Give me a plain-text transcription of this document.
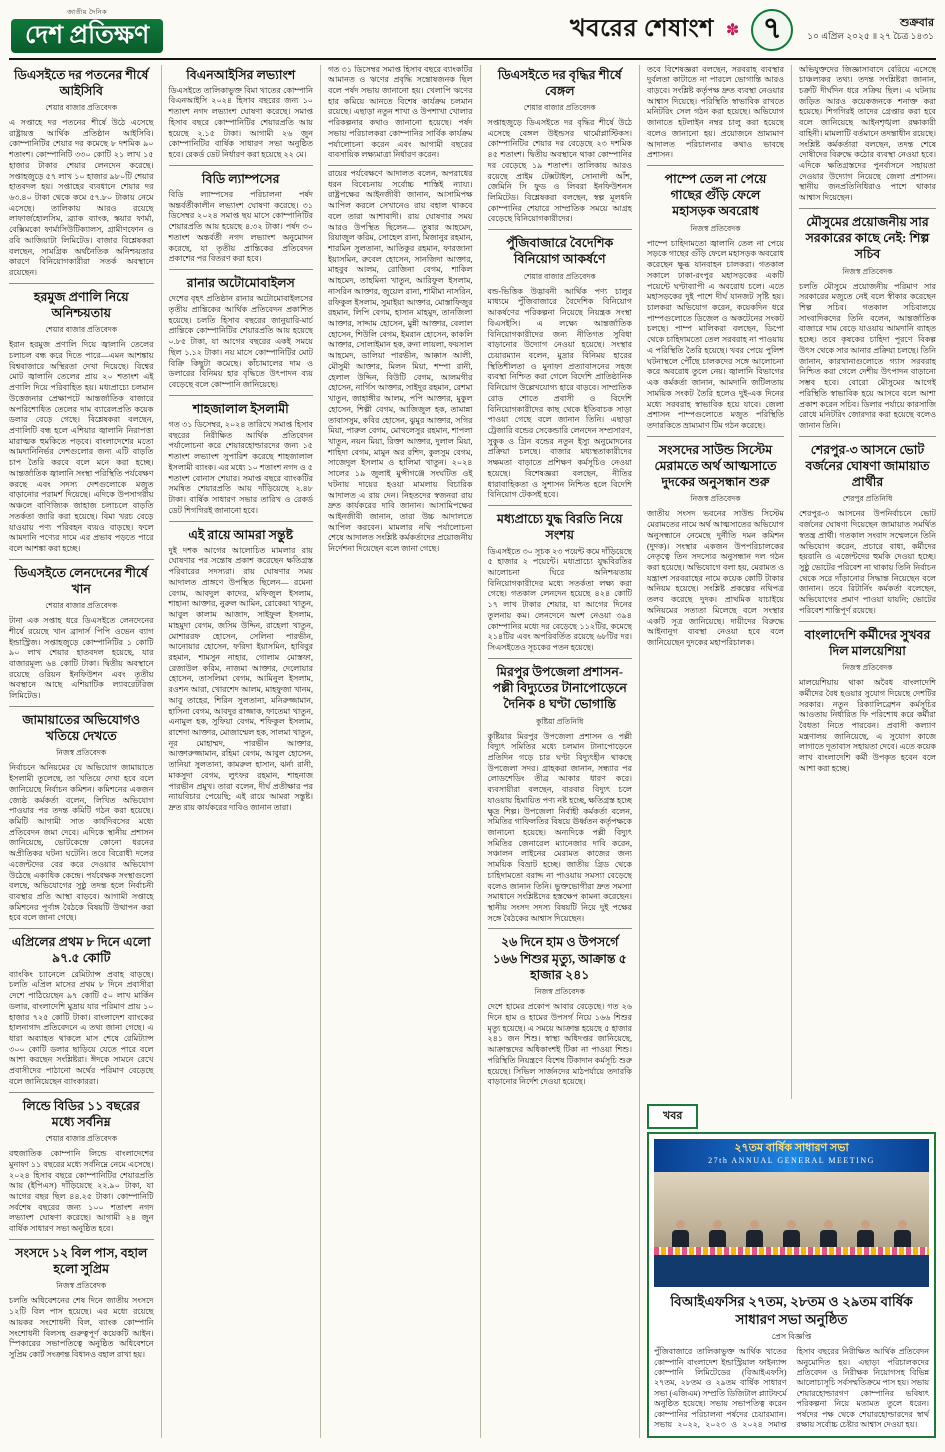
জাতীয় দৈনিক
দেশ প্রতিক্ষণ	খবরের শেষাংশ ✽ ৭	শুক্রবার
১০ এপ্রিল ২০২৫ ॥ ২৭ চৈত্র ১৪৩১
ডিএসইতে দর পতনের শীর্ষে আইসিবি
শেয়ার বাজার প্রতিবেদক

এ সপ্তাহে দর পতনের শীর্ষে উঠে এসেছে রাষ্ট্রায়ত্ত আর্থিক প্রতিষ্ঠান আইসিবি। কোম্পানিটির শেয়ার দর কমেছে ৮ দশমিক ৯০ শতাংশ। কোম্পানিটি ৩৩০ কোটি ২১ লাখ ১৫ হাজার টাকার শেয়ার লেনদেন করেছে। সপ্তাহজুড়ে ৫৭ লাখ ১০ হাজার ৯৮০টি শেয়ার হাতবদল হয়। সপ্তাহের ব্যবধানে শেয়ার দর ৬৩.৪০ টাকা থেকে কমে ৫৭.৮০ টাকায় নেমে এসেছে। তালিকায় আরও রয়েছে লাফার্জহোলসিম, ব্র্যাক ব্যাংক, স্কয়ার ফার্মা, বেক্সিমকো ফার্মাসিউটিক্যালস, গ্রামীণফোন ও রবি আজিয়াটা লিমিটেড। বাজার বিশ্লেষকরা বলছেন, সামগ্রিক অর্থনৈতিক অনিশ্চয়তার কারণে বিনিয়োগকারীরা সতর্ক অবস্থানে রয়েছেন।

হরমুজ প্রণালি নিয়ে অনিশ্চয়তায়
শেয়ার বাজার প্রতিবেদক

ইরান হরমুজ প্রণালি দিয়ে জ্বালানি তেলের চলাচল বন্ধ করে দিতে পারে—এমন আশঙ্কায় বিশ্ববাজারে অস্থিরতা দেখা দিয়েছে। বিশ্বের মোট জ্বালানি তেলের প্রায় ২০ শতাংশ এই প্রণালি দিয়ে পরিবাহিত হয়। মধ্যপ্রাচ্যে চলমান উত্তেজনার প্রেক্ষাপটে আন্তর্জাতিক বাজারে অপরিশোধিত তেলের দাম ব্যারেলপ্রতি কয়েক ডলার বেড়ে গেছে। বিশ্লেষকরা বলছেন, প্রণালিটি বন্ধ হলে এশিয়ার জ্বালানি নিরাপত্তা মারাত্মক হুমকিতে পড়বে। বাংলাদেশের মতো আমদানিনির্ভর দেশগুলোর জন্য এটি বাড়তি চাপ তৈরি করবে বলে মনে করা হচ্ছে। আন্তর্জাতিক জ্বালানি সংস্থা পরিস্থিতি পর্যবেক্ষণ করছে এবং সদস্য দেশগুলোকে মজুত বাড়ানোর পরামর্শ দিয়েছে। এদিকে উপসাগরীয় অঞ্চলে বাণিজ্যিক জাহাজ চলাচলে বাড়তি সতর্কতা জারি করা হয়েছে। বিমা খরচ বেড়ে যাওয়ায় পণ্য পরিবহন ব্যয়ও বাড়ছে। ফলে আমদানি পণ্যের দামে এর প্রভাব পড়তে পারে বলে আশঙ্কা করা হচ্ছে।

ডিএসইতে লেনদেনের শীর্ষে খান
শেয়ার বাজার প্রতিবেদক

টানা এক সপ্তাহ ধরে ডিএসইতে লেনদেনের শীর্ষে রয়েছে খান ব্রাদার্স পিপি ওভেন ব্যাগ ইন্ডাস্ট্রিজ। সপ্তাহজুড়ে কোম্পানিটির ১ কোটি ৯০ লাখ শেয়ার হাতবদল হয়েছে, যার বাজারমূল্য ৬৪ কোটি টাকা। দ্বিতীয় অবস্থানে রয়েছে ওরিয়ন ইনফিউশন এবং তৃতীয় অবস্থানে আছে এশিয়াটিক ল্যাবরেটরিজ লিমিটেড।

জামায়াতের অভিযোগও খতিয়ে দেখতে
নিজস্ব প্রতিবেদক

নির্বাচনে অনিয়মের যে অভিযোগ জামায়াতে ইসলামী তুলেছে, তা খতিয়ে দেখা হবে বলে জানিয়েছে নির্বাচন কমিশন। কমিশনের একজন জ্যেষ্ঠ কর্মকর্তা বলেন, লিখিত অভিযোগ পাওয়ার পর তদন্ত কমিটি গঠন করা হয়েছে। কমিটি আগামী সাত কার্যদিবসের মধ্যে প্রতিবেদন জমা দেবে। এদিকে স্থানীয় প্রশাসন জানিয়েছে, ভোটকেন্দ্রে কোনো ধরনের অপ্রীতিকর ঘটনা ঘটেনি। তবে বিরোধী দলের এজেন্টদের বের করে দেওয়ার অভিযোগ উঠেছে একাধিক কেন্দ্রে। পর্যবেক্ষক সংস্থাগুলো বলছে, অভিযোগের সুষ্ঠু তদন্ত হলে নির্বাচনী ব্যবস্থার প্রতি আস্থা বাড়বে। আগামী সপ্তাহে কমিশনের পূর্ণাঙ্গ বৈঠকে বিষয়টি উত্থাপন করা হবে বলে জানা গেছে।

এপ্রিলের প্রথম ৮ দিনে এলো ৯৭.৫ কোটি

ব্যাংকিং চ্যানেলে রেমিট্যান্স প্রবাহ বাড়ছে। চলতি এপ্রিল মাসের প্রথম ৮ দিনে প্রবাসীরা দেশে পাঠিয়েছেন ৯৭ কোটি ৫০ লাখ মার্কিন ডলার, বাংলাদেশি মুদ্রায় যার পরিমাণ প্রায় ১০ হাজার ৭২৫ কোটি টাকা। বাংলাদেশ ব্যাংকের হালনাগাদ প্রতিবেদনে এ তথ্য জানা গেছে। এ ধারা অব্যাহত থাকলে মাস শেষে রেমিট্যান্স ৩০০ কোটি ডলার ছাড়িয়ে যেতে পারে বলে আশা করছেন সংশ্লিষ্টরা। ঈদকে সামনে রেখে প্রবাসীদের পাঠানো অর্থের পরিমাণ বেড়েছে বলে জানিয়েছেন ব্যাংকাররা।

লিন্ডে বিডির ১১ বছরের মধ্যে সর্বনিম্ন
শেয়ার বাজার প্রতিবেদক

বহুজাতিক কোম্পানি লিন্ডে বাংলাদেশের মুনাফা ১১ বছরের মধ্যে সর্বনিম্নে নেমে এসেছে। ২০২৪ হিসাব বছরে কোম্পানিটির শেয়ারপ্রতি আয় (ইপিএস) দাঁড়িয়েছে ২২.৯০ টাকা, যা আগের বছর ছিল ৪৪.২৫ টাকা। কোম্পানিটি সর্বশেষ বছরের জন্য ১০০ শতাংশ নগদ লভ্যাংশ ঘোষণা করেছে। আগামী ২৪ জুন বার্ষিক সাধারণ সভা অনুষ্ঠিত হবে।

সংসদে ১২ বিল পাস, বহাল হলো সুপ্রিম
নিজস্ব প্রতিবেদক

চলতি অধিবেশনের শেষ দিনে জাতীয় সংসদে ১২টি বিল পাস হয়েছে। এর মধ্যে রয়েছে আয়কর সংশোধনী বিল, ব্যাংক কোম্পানি সংশোধনী বিলসহ গুরুত্বপূর্ণ কয়েকটি আইন। স্পিকারের সভাপতিত্বে অনুষ্ঠিত অধিবেশনে সুপ্রিম কোর্ট সংক্রান্ত বিধানও বহাল রাখা হয়।

বিএনআইসির লভ্যাংশ

ডিএসইতে তালিকাভুক্ত বিমা খাতের কোম্পানি বিএনআইসি ২০২৪ হিসাব বছরের জন্য ১০ শতাংশ নগদ লভ্যাংশ ঘোষণা করেছে। সমাপ্ত হিসাব বছরে কোম্পানিটির শেয়ারপ্রতি আয় হয়েছে ২.১৫ টাকা। আগামী ২৬ জুন কোম্পানিটির বার্ষিক সাধারণ সভা অনুষ্ঠিত হবে। রেকর্ড ডেট নির্ধারণ করা হয়েছে ২২ মে।

বিডি ল্যাম্পসের

বিডি ল্যাম্পসের পরিচালনা পর্ষদ অন্তর্বর্তীকালীন লভ্যাংশ ঘোষণা করেছে। ৩১ ডিসেম্বর ২০২৪ সমাপ্ত ছয় মাসে কোম্পানিটির শেয়ারপ্রতি আয় হয়েছে ৪.৩২ টাকা। পর্ষদ ৩০ শতাংশ অন্তর্বর্তী নগদ লভ্যাংশ অনুমোদন করেছে, যা তৃতীয় প্রান্তিকের প্রতিবেদন প্রকাশের পর বিতরণ করা হবে।

রানার অটোমোবাইলস

দেশের বৃহৎ প্রতিষ্ঠান রানার অটোমোবাইলসের তৃতীয় প্রান্তিকের আর্থিক প্রতিবেদন প্রকাশিত হয়েছে। চলতি হিসাব বছরের জানুয়ারি-মার্চ প্রান্তিকে কোম্পানিটির শেয়ারপ্রতি আয় হয়েছে ০.৮৫ টাকা, যা আগের বছরের একই সময়ে ছিল ১.১২ টাকা। নয় মাসে কোম্পানিটির মোট বিক্রি কিছুটা কমেছে। কাঁচামালের দাম ও ডলারের বিনিময় হার বৃদ্ধিতে উৎপাদন ব্যয় বেড়েছে বলে কোম্পানি জানিয়েছে।

শাহজালাল ইসলামী

গত ৩১ ডিসেম্বর, ২০২৪ তারিখে সমাপ্ত হিসাব বছরের নিরীক্ষিত আর্থিক প্রতিবেদন পর্যালোচনা করে শেয়ারহোল্ডারদের জন্য ১৫ শতাংশ লভ্যাংশ সুপারিশ করেছে শাহজালাল ইসলামী ব্যাংক। এর মধ্যে ১০ শতাংশ নগদ ও ৫ শতাংশ বোনাস শেয়ার। সমাপ্ত বছরে ব্যাংকটির সমন্বিত শেয়ারপ্রতি আয় দাঁড়িয়েছে ২.৪৮ টাকা। বার্ষিক সাধারণ সভার তারিখ ও রেকর্ড ডেট শিগগিরই জানানো হবে।

এই রায়ে আমরা সন্তুষ্ট

দুই দশক আগের আলোচিত মামলার রায় ঘোষণার পর সন্তোষ প্রকাশ করেছেন ক্ষতিগ্রস্ত পরিবারের সদস্যরা। রায় ঘোষণার সময় আদালত প্রাঙ্গণে উপস্থিত ছিলেন— রমেনা বেগম, আবদুল কাদের, মফিজুল ইসলাম, শাহানা আক্তার, নুরুল আমিন, রোকেয়া খাতুন, আবুল কালাম আজাদ, সাইফুল ইসলাম, মাহমুদা বেগম, জসিম উদ্দিন, রাহেলা খাতুন, মোশাররফ হোসেন, সেলিনা পারভীন, আনোয়ার হোসেন, ফরিদা ইয়াসমিন, হাবিবুর রহমান, শামসুন নাহার, গোলাম মোস্তফা, রেজাউল করিম, নাজমা আক্তার, দেলোয়ার হোসেন, তাসলিমা বেগম, আমিনুল ইসলাম, রওশন আরা, খোরশেদ আলম, মাহফুজা খানম, আবু তাহের, শিরিন সুলতানা, মনিরুজ্জামান, হাসিনা বেগম, আবদুর রাজ্জাক, ফাতেমা খাতুন, এনামুল হক, সুফিয়া বেগম, শফিকুল ইসলাম, রাশেদা আক্তার, মোজাম্মেল হক, সালমা খাতুন, নূর মোহাম্মদ, পারভীন আক্তার, আক্তারুজ্জামান, রহিমা বেগম, আবুল হোসেন, তানিয়া সুলতানা, কামরুল হাসান, ঝর্না রানী, মাকসুদা বেগম, লুৎফর রহমান, শাহনাজ পারভীন প্রমুখ। তারা বলেন, দীর্ঘ প্রতীক্ষার পর ন্যায়বিচার পেয়েছি; এই রায়ে আমরা সন্তুষ্ট। দ্রুত রায় কার্যকরের দাবিও জানান তারা।

গত ৩১ ডিসেম্বর সমাপ্ত হিসাব বছরে ব্যাংকটির আমানত ও ঋণের প্রবৃদ্ধি সন্তোষজনক ছিল বলে পর্ষদ সভায় জানানো হয়। খেলাপি ঋণের হার কমিয়ে আনতে বিশেষ কার্যক্রম চলমান রয়েছে। এছাড়া নতুন শাখা ও উপশাখা খোলার পরিকল্পনার কথাও জানানো হয়েছে। পর্ষদ সভায় পরিচালকরা কোম্পানির সার্বিক কার্যক্রম পর্যালোচনা করেন এবং আগামী বছরের ব্যবসায়িক লক্ষ্যমাত্রা নির্ধারণ করেন।

রায়ের পর্যবেক্ষণে আদালত বলেন, অপরাধের ধরন বিবেচনায় সর্বোচ্চ শাস্তিই ন্যায্য। রাষ্ট্রপক্ষের আইনজীবী জানান, আসামিপক্ষ আপিল করলে সেখানেও রায় বহাল থাকবে বলে তারা আশাবাদী। রায় ঘোষণার সময় আরও উপস্থিত ছিলেন— তুষার আহমেদ, রিয়াজুল করিম, সোহেল রানা, মিজানুর রহমান, শারমিন সুলতানা, আতিকুর রহমান, ফারজানা ইয়াসমিন, রুবেল হোসেন, সানজিদা আক্তার, মাহবুব আলম, রোজিনা বেগম, শাকিল আহমেদ, তাহমিনা খাতুন, আরিফুল ইসলাম, নাসরিন আক্তার, জুয়েল রানা, শামীমা নাসরিন, রফিকুল ইসলাম, সুমাইয়া আক্তার, মোস্তাফিজুর রহমান, লিপি বেগম, হাসান মাহমুদ, তানজিলা আক্তার, সাদ্দাম হোসেন, মুন্নী আক্তার, বেলাল হোসেন, শিউলি বেগম, ইমরান হোসেন, কাকলি আক্তার, সোলাইমান হক, রুনা লায়লা, ফয়সাল আহমেদ, ডালিয়া পারভীন, আক্কাস আলী, মৌসুমী আক্তার, মিলন মিয়া, শম্পা রানী, হেলাল উদ্দিন, বিউটি বেগম, আলমগীর হোসেন, নার্গিস আক্তার, সাইদুর রহমান, রেশমা খাতুন, জাহাঙ্গীর আলম, পপি আক্তার, মুকুল হোসেন, শিল্পী বেগম, আজিজুল হক, তামান্না তাবাসসুম, কবির হোসেন, ঝুমুর আক্তার, সগির মিয়া, পারুল বেগম, মোখলেসুর রহমান, শাপলা খাতুন, নয়ন মিয়া, রিক্তা আক্তার, দুলাল মিয়া, শাহিদা বেগম, মামুন অর রশিদ, কুলসুম বেগম, সাজেদুল ইসলাম ও হালিমা খাতুন। ২০২৪ সালের ১৯ জুলাই মুন্সীগঞ্জে সংঘটিত ওই ঘটনায় দায়ের হওয়া মামলায় বিচারিক আদালত এ রায় দেন। নিহতদের স্বজনরা রায় দ্রুত কার্যকরের দাবি জানান। আসামিপক্ষের আইনজীবী জানান, তারা উচ্চ আদালতে আপিল করবেন। মামলার নথি পর্যালোচনা শেষে আদালত সংশ্লিষ্ট কর্মকর্তাদের প্রয়োজনীয় নির্দেশনা দিয়েছেন বলে জানা গেছে।

ডিএসইতে দর বৃদ্ধির শীর্ষে বেঙ্গল
শেয়ার বাজার প্রতিবেদক

সপ্তাহজুড়ে ডিএসইতে দর বৃদ্ধির শীর্ষে উঠে এসেছে বেঙ্গল উইন্ডসর থার্মোপ্লাস্টিকস। কোম্পানিটির শেয়ার দর বেড়েছে ২৩ দশমিক ৪৫ শতাংশ। দ্বিতীয় অবস্থানে থাকা কোম্পানির দর বেড়েছে ১৯ শতাংশ। তালিকায় আরও রয়েছে প্রাইম টেক্সটাইল, সোনালী আঁশ, জেমিনি সি ফুড ও লিবরা ইনফিউশনস লিমিটেড। বিশ্লেষকরা বলছেন, স্বল্প মূলধনি কোম্পানির শেয়ারে সাম্প্রতিক সময়ে আগ্রহ বেড়েছে বিনিয়োগকারীদের।

পুঁজিবাজারে বৈদেশিক বিনিয়োগ আকর্ষণে
শেয়ার বাজার প্রতিবেদক

বন্ড-ভিত্তিক উদ্ভাবনী আর্থিক পণ্য চালুর মাধ্যমে পুঁজিবাজারে বৈদেশিক বিনিয়োগ আকর্ষণের পরিকল্পনা নিয়েছে নিয়ন্ত্রক সংস্থা বিএসইসি। এ লক্ষ্যে আন্তর্জাতিক বিনিয়োগকারীদের জন্য নীতিগত সুবিধা বাড়ানোর উদ্যোগ নেওয়া হয়েছে। সংস্থার চেয়ারম্যান বলেন, মুদ্রার বিনিময় হারের স্থিতিশীলতা ও মুনাফা প্রত্যাবাসনের সহজ ব্যবস্থা নিশ্চিত করা গেলে বিদেশি প্রাতিষ্ঠানিক বিনিয়োগ উল্লেখযোগ্য হারে বাড়বে। সাম্প্রতিক রোড শোতে প্রবাসী ও বিদেশি বিনিয়োগকারীদের কাছ থেকে ইতিবাচক সাড়া পাওয়া গেছে বলে জানান তিনি। এছাড়া ট্রেজারি বন্ডের সেকেন্ডারি লেনদেন সম্প্রসারণ, সুকুক ও গ্রিন বন্ডের নতুন ইস্যু অনুমোদনের প্রক্রিয়া চলছে। বাজার মধ্যস্থতাকারীদের সক্ষমতা বাড়াতে প্রশিক্ষণ কর্মসূচিও নেওয়া হয়েছে। বিশেষজ্ঞরা বলছেন, নীতির ধারাবাহিকতা ও সুশাসন নিশ্চিত হলে বিদেশি বিনিয়োগ টেকসই হবে।

মধ্যপ্রাচ্যে যুদ্ধ বিরতি নিয়ে সংশয়

ডিএসইতে ৩০ সূচক ২৩ পয়েন্ট কমে দাঁড়িয়েছে ৫ হাজার ২ পয়েন্টে। মধ্যপ্রাচ্যে যুদ্ধবিরতির আলোচনা ঘিরে অনিশ্চয়তায় বিনিয়োগকারীদের মধ্যে সতর্কতা লক্ষ্য করা গেছে। গতকাল লেনদেন হয়েছে ৪২৪ কোটি ১৭ লাখ টাকার শেয়ার, যা আগের দিনের তুলনায় কম। লেনদেনে অংশ নেওয়া ৩৯৪ কোম্পানির মধ্যে দর বেড়েছে ১১২টির, কমেছে ২১৪টির এবং অপরিবর্তিত রয়েছে ৬৮টির দর। সিএসইতেও সূচকের পতন হয়েছে।

মিরপুর উপজেলা প্রশাসন-পল্লী বিদ্যুতের টানাপোড়েনে দৈনিক ৪ ঘণ্টা ভোগান্তি
কুষ্টিয়া প্রতিনিধি

কুষ্টিয়ার মিরপুর উপজেলা প্রশাসন ও পল্লী বিদ্যুৎ সমিতির মধ্যে চলমান টানাপোড়েনে প্রতিদিন গড়ে চার ঘণ্টা বিদ্যুৎহীন থাকছে উপজেলা সদর। গ্রাহকরা জানান, সন্ধ্যার পর লোডশেডিং তীব্র আকার ধারণ করে। ব্যবসায়ীরা বলছেন, বারবার বিদ্যুৎ চলে যাওয়ায় হিমায়িত পণ্য নষ্ট হচ্ছে, ক্ষতিগ্রস্ত হচ্ছে ক্ষুদ্র শিল্প। উপজেলা নির্বাহী কর্মকর্তা বলেন, সমিতির গাফিলতির বিষয়ে ঊর্ধ্বতন কর্তৃপক্ষকে জানানো হয়েছে। অন্যদিকে পল্লী বিদ্যুৎ সমিতির জেনারেল ম্যানেজার দাবি করেন, সঞ্চালন লাইনের মেরামত কাজের জন্য সাময়িক বিভ্রাট হচ্ছে। জাতীয় গ্রিড থেকে চাহিদামতো বরাদ্দ না পাওয়ায় সমস্যা বেড়েছে বলেও জানান তিনি। ভুক্তভোগীরা দ্রুত সমস্যা সমাধানে সংশ্লিষ্টদের হস্তক্ষেপ কামনা করেছেন। স্থানীয় সংসদ সদস্য বিষয়টি নিয়ে দুই পক্ষের সঙ্গে বৈঠকের আশ্বাস দিয়েছেন।

২৬ দিনে হাম ও উপসর্গে ১৬৬ শিশুর মৃত্যু, আক্রান্ত ৫ হাজার ২৪১
নিজস্ব প্রতিবেদক

দেশে হামের প্রকোপ আবার বেড়েছে। গত ২৬ দিনে হাম ও হামের উপসর্গ নিয়ে ১৬৬ শিশুর মৃত্যু হয়েছে। এ সময়ে আক্রান্ত হয়েছে ৫ হাজার ২৪১ জন শিশু। স্বাস্থ্য অধিদপ্তর জানিয়েছে, আক্রান্তদের অধিকাংশই টিকা না পাওয়া শিশু। পরিস্থিতি নিয়ন্ত্রণে বিশেষ টিকাদান কর্মসূচি শুরু হয়েছে। সিভিল সার্জনদের মাঠপর্যায়ে তদারকি বাড়ানোর নির্দেশ দেওয়া হয়েছে।

তবে বিশেষজ্ঞরা বলছেন, সরবরাহ ব্যবস্থার দুর্বলতা কাটাতে না পারলে ভোগান্তি আরও বাড়বে। সংশ্লিষ্ট কর্তৃপক্ষ দ্রুত ব্যবস্থা নেওয়ার আশ্বাস দিয়েছে। পরিস্থিতি স্বাভাবিক রাখতে মনিটরিং সেল গঠন করা হয়েছে। অভিযোগ জানাতে হটলাইন নম্বর চালু করা হয়েছে বলেও জানানো হয়। প্রয়োজনে ভ্রাম্যমাণ আদালত পরিচালনার কথাও ভাবছে প্রশাসন।

পাম্পে তেল না পেয়ে গাছের গুঁড়ি ফেলে মহাসড়ক অবরোধ
নিজস্ব প্রতিবেদক

পাম্পে চাহিদামতো জ্বালানি তেল না পেয়ে সড়কে গাছের গুঁড়ি ফেলে মহাসড়ক অবরোধ করেছেন ক্ষুব্ধ যানবাহন চালকরা। গতকাল সকালে ঢাকা-রংপুর মহাসড়কের একটি পয়েন্টে ঘণ্টাব্যাপী এ অবরোধ চলে। এতে মহাসড়কের দুই পাশে দীর্ঘ যানজট সৃষ্টি হয়। চালকরা অভিযোগ করেন, কয়েকদিন ধরে পাম্পগুলোতে ডিজেল ও অকটেনের সংকট চলছে। পাম্প মালিকরা বলছেন, ডিপো থেকে চাহিদামতো তেল সরবরাহ না পাওয়ায় এ পরিস্থিতি তৈরি হয়েছে। খবর পেয়ে পুলিশ ঘটনাস্থলে পৌঁছে চালকদের সঙ্গে আলোচনা করে অবরোধ তুলে নেয়। জ্বালানি বিভাগের এক কর্মকর্তা জানান, আমদানি জটিলতায় সাময়িক সংকট তৈরি হলেও দুই-এক দিনের মধ্যে সরবরাহ স্বাভাবিক হয়ে যাবে। জেলা প্রশাসন পাম্পগুলোতে মজুত পরিস্থিতি তদারকিতে ভ্রাম্যমাণ টিম গঠন করেছে।

সংসদের সাউন্ড সিস্টেম মেরামতে অর্থ আত্মসাতে দুদকের অনুসন্ধান শুরু
নিজস্ব প্রতিবেদক

জাতীয় সংসদ ভবনের সাউন্ড সিস্টেম মেরামতের নামে অর্থ আত্মসাতের অভিযোগ অনুসন্ধানে নেমেছে দুর্নীতি দমন কমিশন (দুদক)। সংস্থার একজন উপপরিচালকের নেতৃত্বে তিন সদস্যের অনুসন্ধান দল গঠন করা হয়েছে। অভিযোগে বলা হয়, মেরামত ও যন্ত্রাংশ সরবরাহের নামে কয়েক কোটি টাকার অনিয়ম হয়েছে। সংশ্লিষ্ট প্রকল্পের নথিপত্র তলব করেছে দুদক। প্রাথমিক যাচাইয়ে অনিয়মের সত্যতা মিলেছে বলে সংস্থার একটি সূত্র জানিয়েছে। দায়ীদের বিরুদ্ধে আইনানুগ ব্যবস্থা নেওয়া হবে বলে জানিয়েছেন দুদকের মহাপরিচালক।

অভিযুক্তদের জিজ্ঞাসাবাদে বেরিয়ে এসেছে চাঞ্চল্যকর তথ্য। তদন্ত সংশ্লিষ্টরা জানান, চক্রটি দীর্ঘদিন ধরে সক্রিয় ছিল। এ ঘটনায় জড়িত আরও কয়েকজনকে শনাক্ত করা হয়েছে। শিগগিরই তাদের গ্রেপ্তার করা হবে বলে জানিয়েছে আইনশৃঙ্খলা রক্ষাকারী বাহিনী। মামলাটি বর্তমানে তদন্তাধীন রয়েছে। সংশ্লিষ্ট কর্মকর্তারা বলছেন, তদন্ত শেষে দোষীদের বিরুদ্ধে কঠোর ব্যবস্থা নেওয়া হবে। এদিকে ক্ষতিগ্রস্তদের পুনর্বাসনে সহায়তা দেওয়ার উদ্যোগ নিয়েছে জেলা প্রশাসন। স্থানীয় জনপ্রতিনিধিরাও পাশে থাকার আশ্বাস দিয়েছেন।

মৌসুমের প্রয়োজনীয় সার সরকারের কাছে নেই: শিল্প সচিব
নিজস্ব প্রতিবেদক

চলতি মৌসুমে প্রয়োজনীয় পরিমাণ সার সরকারের মজুতে নেই বলে স্বীকার করেছেন শিল্প সচিব। গতকাল সচিবালয়ে সাংবাদিকদের তিনি বলেন, আন্তর্জাতিক বাজারে দাম বেড়ে যাওয়ায় আমদানি ব্যাহত হচ্ছে। তবে কৃষকের চাহিদা পূরণে বিকল্প উৎস থেকে সার আনার প্রক্রিয়া চলছে। তিনি জানান, কারখানাগুলোতে গ্যাস সরবরাহ নিশ্চিত করা গেলে দেশীয় উৎপাদন বাড়ানো সম্ভব হবে। বোরো মৌসুমের আগেই পরিস্থিতি স্বাভাবিক হয়ে আসবে বলে আশা প্রকাশ করেন সচিব। ডিলার পর্যায়ে কারসাজি রোধে মনিটরিং জোরদার করা হয়েছে বলেও জানান তিনি।

শেরপুর-৩ আসনে ভোট বর্জনের ঘোষণা জামায়াত প্রার্থীর
শেরপুর প্রতিনিধি

শেরপুর-৩ আসনের উপনির্বাচনে ভোট বর্জনের ঘোষণা দিয়েছেন জামায়াত সমর্থিত স্বতন্ত্র প্রার্থী। গতকাল সংবাদ সম্মেলনে তিনি অভিযোগ করেন, প্রচারে বাধা, কর্মীদের হয়রানি ও এজেন্টদের হুমকি দেওয়া হচ্ছে। সুষ্ঠু ভোটের পরিবেশ না থাকায় তিনি নির্বাচন থেকে সরে দাঁড়ানোর সিদ্ধান্ত নিয়েছেন বলে জানান। তবে রিটার্নিং কর্মকর্তা বলেছেন, অভিযোগের প্রমাণ পাওয়া যায়নি; ভোটের পরিবেশ শান্তিপূর্ণ রয়েছে।

বাংলাদেশি কর্মীদের সুখবর দিল মালয়েশিয়া
নিজস্ব প্রতিবেদক

মালয়েশিয়ায় থাকা অবৈধ বাংলাদেশি কর্মীদের বৈধ হওয়ার সুযোগ দিয়েছে দেশটির সরকার। নতুন রিক্যালিব্রেশন কর্মসূচির আওতায় নির্ধারিত ফি পরিশোধ করে কর্মীরা বৈধতা নিতে পারবেন। প্রবাসী কল্যাণ মন্ত্রণালয় জানিয়েছে, এ সুযোগ কাজে লাগাতে দূতাবাস সহায়তা দেবে। এতে কয়েক লাখ বাংলাদেশি কর্মী উপকৃত হবেন বলে আশা করা হচ্ছে।

খবর
২৭তম বার্ষিক সাধারণ সভা
27th ANNUAL GENERAL MEETING
বিআইএফসির ২৭তম, ২৮তম ও ২৯তম বার্ষিক সাধারণ সভা অনুষ্ঠিত
প্রেস বিজ্ঞপ্তি

পুঁজিবাজারে তালিকাভুক্ত আর্থিক খাতের কোম্পানি বাংলাদেশ ইন্ডাস্ট্রিয়াল ফাইন্যান্স কোম্পানি লিমিটেডের (বিআইএফসি) ২৭তম, ২৮তম ও ২৯তম বার্ষিক সাধারণ সভা (এজিএম) সম্প্রতি ডিজিটাল প্ল্যাটফর্মে অনুষ্ঠিত হয়েছে। সভায় সভাপতিত্ব করেন কোম্পানির পরিচালনা পর্ষদের চেয়ারম্যান। সভায় ২০২২, ২০২৩ ও ২০২৪ সমাপ্ত হিসাব বছরের নিরীক্ষিত আর্থিক প্রতিবেদন অনুমোদিত হয়। এছাড়া পরিচালকদের প্রতিবেদন ও নিরীক্ষক নিয়োগসহ বিভিন্ন আলোচ্যসূচি সর্বসম্মতিক্রমে পাস হয়। সভায় শেয়ারহোল্ডারগণ কোম্পানির ভবিষ্যৎ পরিকল্পনা নিয়ে মতামত তুলে ধরেন। পর্ষদের পক্ষ থেকে শেয়ারহোল্ডারদের স্বার্থ রক্ষায় সর্বোচ্চ চেষ্টার আশ্বাস দেওয়া হয়।
